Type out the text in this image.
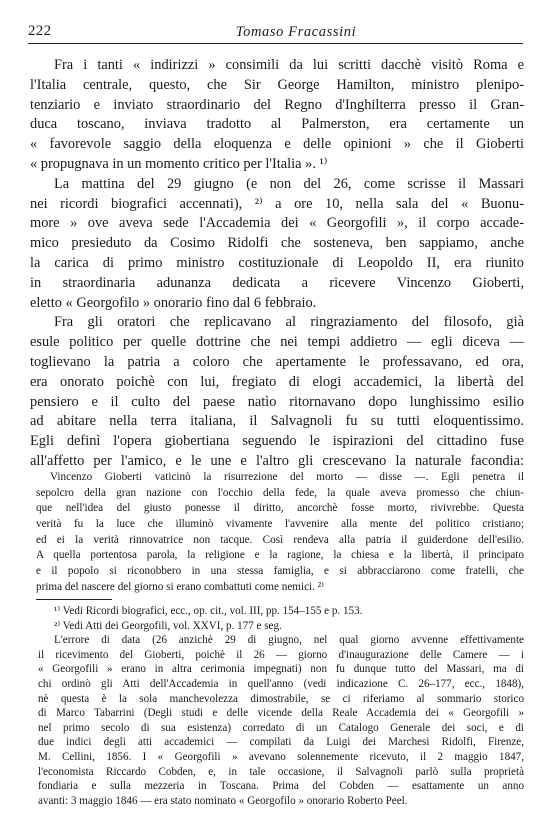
222	Tomaso Fracassini
Fra i tanti « indirizzi » consimili da lui scritti dacchè visitò Roma e
l'Italia centrale, questo, che Sir George Hamilton, ministro plenipo-
tenziario e inviato straordinario del Regno d'Inghilterra presso il Gran-
duca toscano, inviava tradotto al Palmerston, era certamente un
« favorevole saggio della eloquenza e delle opinioni » che il Gioberti
« propugnava in un momento critico per l'Italia ». ¹⁾
La mattina del 29 giugno (e non del 26, come scrisse il Massari
nei ricordi biografici accennati), ²⁾ a ore 10, nella sala del « Buonu-
more » ove aveva sede l'Accademia dei « Georgofili », il corpo accade-
mico presieduto da Cosimo Ridolfi che sosteneva, ben sappiamo, anche
la carica di primo ministro costituzionale di Leopoldo II, era riunito
in straordinaria adunanza dedicata a ricevere Vincenzo Gioberti,
eletto « Georgofilo » onorario fino dal 6 febbraio.
Fra gli oratori che replicavano al ringraziamento del filosofo, già
esule politico per quelle dottrine che nei tempi addietro — egli diceva —
toglievano la patria a coloro che apertamente le professavano, ed ora,
era onorato poichè con lui, fregiato di elogi accademici, la libertà del
pensiero e il culto del paese natìo ritornavano dopo lunghissimo esilio
ad abitare nella terra italiana, il Salvagnoli fu su tutti eloquentissimo.
Egli definì l'opera giobertiana seguendo le ispirazioni del cittadino fuse
all'affetto per l'amico, e le une e l'altro gli crescevano la naturale facondia:
Vincenzo Gioberti vaticinò la risurrezione del morto — disse —. Egli penetra il
sepolcro della gran nazione con l'occhio della fede, la quale aveva promesso che chiun-
que nell'idea del giusto ponesse il diritto, ancorchè fosse morto, rivivrebbe. Questa
verità fu la luce che illuminò vivamente l'avvenire alla mente del politico cristiano;
ed ei la verità rinnovatrice non tacque. Così rendeva alla patria il guiderdone dell'esilio.
A quella portentosa parola, la religione e la ragione, la chiesa e la libertà, il principato
e il popolo si riconobbero in una stessa famiglia, e si abbracciarono come fratelli, che
prima del nascere del giorno si erano combattuti come nemici. ²⁾
¹⁾ Vedi Ricordi biografici, ecc., op. cit., vol. III, pp. 154–155 e p. 153.
²⁾ Vedi Atti dei Georgofili, vol. XXVI, p. 177 e seg.
L'errore di data (26 anzichè 29 di giugno, nel qual giorno avvenne effettivamente
il ricevimento del Gioberti, poichè il 26 — giorno d'inaugurazione delle Camere — i
« Georgofili » erano in altra cerimonia impegnati) non fu dunque tutto del Massari, ma di
chi ordinò gli Atti dell'Accademia in quell'anno (vedi indicazione C. 26–177, ecc., 1848),
nè questa è la sola manchevolezza dimostrabile, se ci riferiamo al sommario storico
di Marco Tabarrini (Degli studi e delle vicende della Reale Accademia dei « Georgofili »
nel primo secolo di sua esistenza) corredato di un Catalogo Generale dei soci, e di
due indici degli atti accademici — compilati da Luigi dei Marchesi Ridolfi, Firenze,
M. Cellini, 1856. I « Georgofili » avevano solennemente ricevuto, il 2 maggio 1847,
l'economista Riccardo Cobden, e, in tale occasione, il Salvagnoli parlò sulla proprietà
fondiaria e sulla mezzeria in Toscana. Prima del Cobden — esattamente un anno
avanti: 3 maggio 1846 — era stato nominato « Georgofilo » onorario Roberto Peel.
